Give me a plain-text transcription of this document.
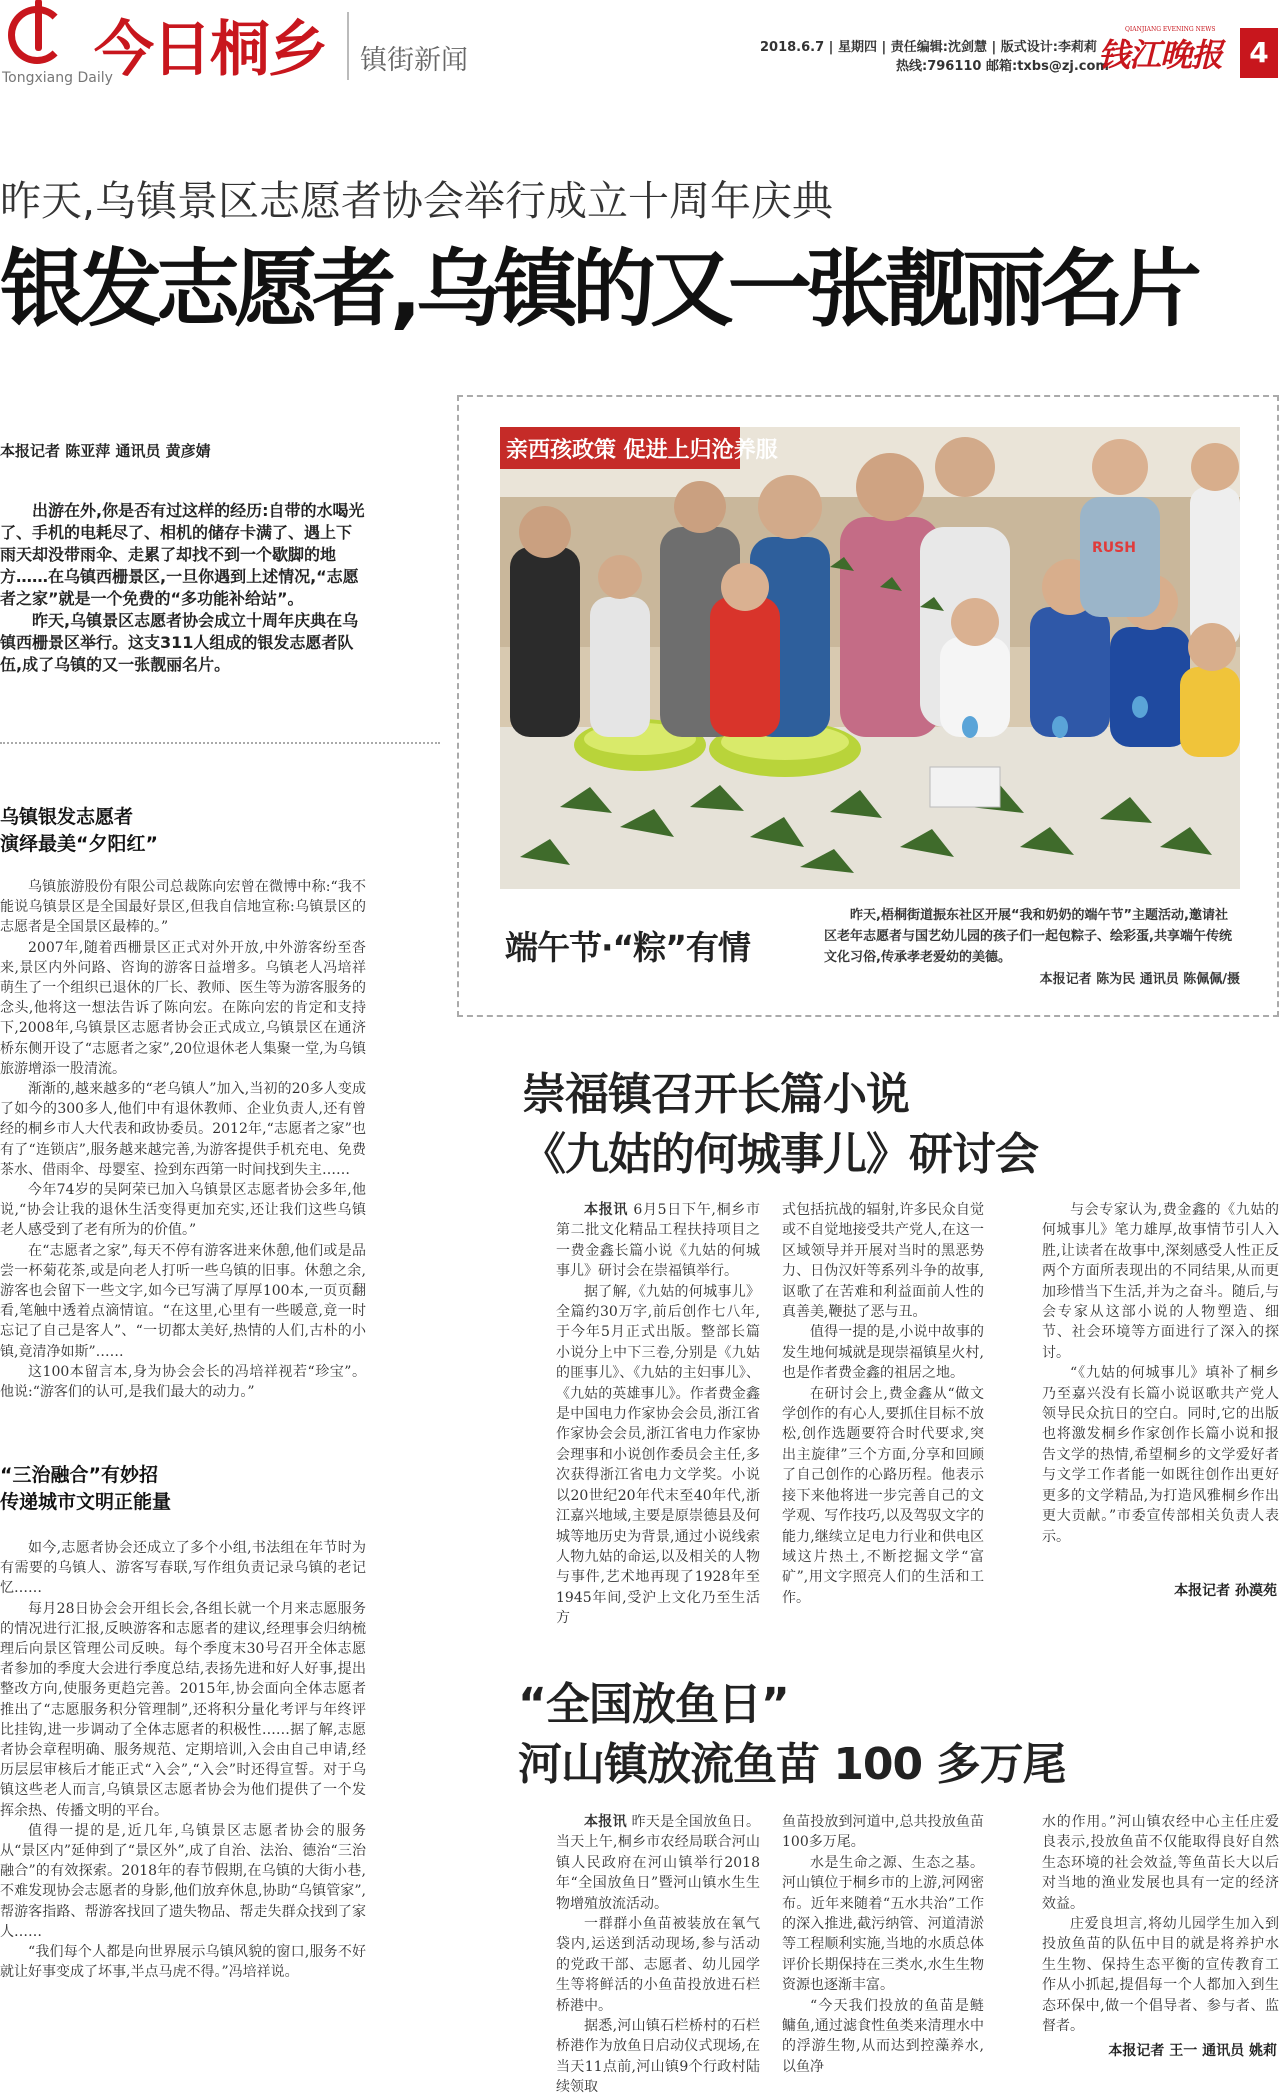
今日桐乡
Tongxiang Daily
镇街新闻	2018.6.7 | 星期四 | 责任编辑:沈剑慧 | 版式设计:李莉莉
热线:796110 邮箱:txbs@zj.com
QIANJIANG EVENING NEWS
钱江晚报 4
昨天,乌镇景区志愿者协会举行成立十周年庆典
银发志愿者,乌镇的又一张靓丽名片
本报记者 陈亚萍 通讯员 黄彦婧

出游在外,你是否有过这样的经历:自带的水喝光了、手机的电耗尽了、相机的储存卡满了、遇上下雨天却没带雨伞、走累了却找不到一个歇脚的地方……在乌镇西栅景区,一旦你遇到上述情况,“志愿者之家”就是一个免费的“多功能补给站”。

昨天,乌镇景区志愿者协会成立十周年庆典在乌镇西栅景区举行。这支311人组成的银发志愿者队伍,成了乌镇的又一张靓丽名片。

乌镇银发志愿者
演绎最美“夕阳红”

乌镇旅游股份有限公司总裁陈向宏曾在微博中称:“我不能说乌镇景区是全国最好景区,但我自信地宣称:乌镇景区的志愿者是全国景区最棒的。”

2007年,随着西栅景区正式对外开放,中外游客纷至沓来,景区内外问路、咨询的游客日益增多。乌镇老人冯培祥萌生了一个组织已退休的厂长、教师、医生等为游客服务的念头,他将这一想法告诉了陈向宏。在陈向宏的肯定和支持下,2008年,乌镇景区志愿者协会正式成立,乌镇景区在通济桥东侧开设了“志愿者之家”,20位退休老人集聚一堂,为乌镇旅游增添一股清流。

渐渐的,越来越多的“老乌镇人”加入,当初的20多人变成了如今的300多人,他们中有退休教师、企业负责人,还有曾经的桐乡市人大代表和政协委员。2012年,“志愿者之家”也有了“连锁店”,服务越来越完善,为游客提供手机充电、免费茶水、借雨伞、母婴室、捡到东西第一时间找到失主……

今年74岁的吴阿荣已加入乌镇景区志愿者协会多年,他说,“协会让我的退休生活变得更加充实,还让我们这些乌镇老人感受到了老有所为的价值。”

在“志愿者之家”,每天不停有游客进来休憩,他们或是品尝一杯菊花茶,或是向老人打听一些乌镇的旧事。休憩之余,游客也会留下一些文字,如今已写满了厚厚100本,一页页翻看,笔触中透着点滴情谊。“在这里,心里有一些暖意,竟一时忘记了自己是客人”、“一切都太美好,热情的人们,古朴的小镇,竟清净如斯”……

这100本留言本,身为协会会长的冯培祥视若“珍宝”。他说:“游客们的认可,是我们最大的动力。”

“三治融合”有妙招
传递城市文明正能量

如今,志愿者协会还成立了多个小组,书法组在年节时为有需要的乌镇人、游客写春联,写作组负责记录乌镇的老记忆……

每月28日协会会开组长会,各组长就一个月来志愿服务的情况进行汇报,反映游客和志愿者的建议,经理事会归纳梳理后向景区管理公司反映。每个季度末30号召开全体志愿者参加的季度大会进行季度总结,表扬先进和好人好事,提出整改方向,使服务更趋完善。2015年,协会面向全体志愿者推出了“志愿服务积分管理制”,还将积分量化考评与年终评比挂钩,进一步调动了全体志愿者的积极性……据了解,志愿者协会章程明确、服务规范、定期培训,入会由自己申请,经历层层审核后才能正式“入会”,“入会”时还得宣誓。对于乌镇这些老人而言,乌镇景区志愿者协会为他们提供了一个发挥余热、传播文明的平台。

值得一提的是,近几年,乌镇景区志愿者协会的服务从“景区内”延伸到了“景区外”,成了自治、法治、德治“三治融合”的有效探索。2018年的春节假期,在乌镇的大街小巷,不难发现协会志愿者的身影,他们放弃休息,协助“乌镇管家”,帮游客指路、帮游客找回了遗失物品、帮走失群众找到了家人……

“我们每个人都是向世界展示乌镇风貌的窗口,服务不好就让好事变成了坏事,半点马虎不得。”冯培祥说。

亲西孩政策 促进上归沧养服
RUSH
端午节·“粽”有情

昨天,梧桐街道振东社区开展“我和奶奶的端午节”主题活动,邀请社区老年志愿者与国艺幼儿园的孩子们一起包粽子、绘彩蛋,共享端午传统文化习俗,传承孝老爱幼的美德。

本报记者 陈为民 通讯员 陈佩佩/摄
崇福镇召开长篇小说
《九姑的何城事儿》研讨会

本报讯 6月5日下午,桐乡市第二批文化精品工程扶持项目之一费金鑫长篇小说《九姑的何城事儿》研讨会在崇福镇举行。

据了解,《九姑的何城事儿》全篇约30万字,前后创作七八年,于今年5月正式出版。整部长篇小说分上中下三卷,分别是《九姑的匪事儿》、《九姑的主妇事儿》、《九姑的英雄事儿》。作者费金鑫是中国电力作家协会会员,浙江省作家协会会员,浙江省电力作家协会理事和小说创作委员会主任,多次获得浙江省电力文学奖。小说以20世纪20年代末至40年代,浙江嘉兴地域,主要是原崇德县及何城等地历史为背景,通过小说线索人物九姑的命运,以及相关的人物与事件,艺术地再现了1928年至1945年间,受沪上文化乃至生活方

式包括抗战的辐射,许多民众自觉或不自觉地接受共产党人,在这一区域领导并开展对当时的黑恶势力、日伪汉奸等系列斗争的故事,讴歌了在苦难和利益面前人性的真善美,鞭挞了恶与丑。

值得一提的是,小说中故事的发生地何城就是现崇福镇星火村,也是作者费金鑫的祖居之地。

在研讨会上,费金鑫从“做文学创作的有心人,要抓住目标不放松,创作选题要符合时代要求,突出主旋律”三个方面,分享和回顾了自己创作的心路历程。他表示接下来他将进一步完善自己的文学观、写作技巧,以及驾驭文字的能力,继续立足电力行业和供电区域这片热土,不断挖掘文学“富矿”,用文字照亮人们的生活和工作。

与会专家认为,费金鑫的《九姑的何城事儿》笔力雄厚,故事情节引人入胜,让读者在故事中,深刻感受人性正反两个方面所表现出的不同结果,从而更加珍惜当下生活,并为之奋斗。随后,与会专家从这部小说的人物塑造、细节、社会环境等方面进行了深入的探讨。

“《九姑的何城事儿》填补了桐乡乃至嘉兴没有长篇小说讴歌共产党人领导民众抗日的空白。同时,它的出版也将激发桐乡作家创作长篇小说和报告文学的热情,希望桐乡的文学爱好者与文学工作者能一如既往创作出更好更多的文学精品,为打造风雅桐乡作出更大贡献。”市委宣传部相关负责人表示。

本报记者 孙漠苑
“全国放鱼日”
河山镇放流鱼苗 100 多万尾

本报讯 昨天是全国放鱼日。当天上午,桐乡市农经局联合河山镇人民政府在河山镇举行2018年“全国放鱼日”暨河山镇水生生物增殖放流活动。

一群群小鱼苗被装放在氧气袋内,运送到活动现场,参与活动的党政干部、志愿者、幼儿园学生等将鲜活的小鱼苗投放进石栏桥港中。

据悉,河山镇石栏桥村的石栏桥港作为放鱼日启动仪式现场,在当天11点前,河山镇9个行政村陆续领取

鱼苗投放到河道中,总共投放鱼苗100多万尾。

水是生命之源、生态之基。河山镇位于桐乡市的上游,河网密布。近年来随着“五水共治”工作的深入推进,截污纳管、河道清淤等工程顺利实施,当地的水质总体评价长期保持在三类水,水生生物资源也逐渐丰富。

“今天我们投放的鱼苗是鲢鳙鱼,通过滤食性鱼类来清理水中的浮游生物,从而达到控藻养水,以鱼净

水的作用。”河山镇农经中心主任庄爱良表示,投放鱼苗不仅能取得良好自然生态环境的社会效益,等鱼苗长大以后对当地的渔业发展也具有一定的经济效益。

庄爱良坦言,将幼儿园学生加入到投放鱼苗的队伍中目的就是将养护水生生物、保持生态平衡的宣传教育工作从小抓起,提倡每一个人都加入到生态环保中,做一个倡导者、参与者、监督者。

本报记者 王一 通讯员 姚莉
